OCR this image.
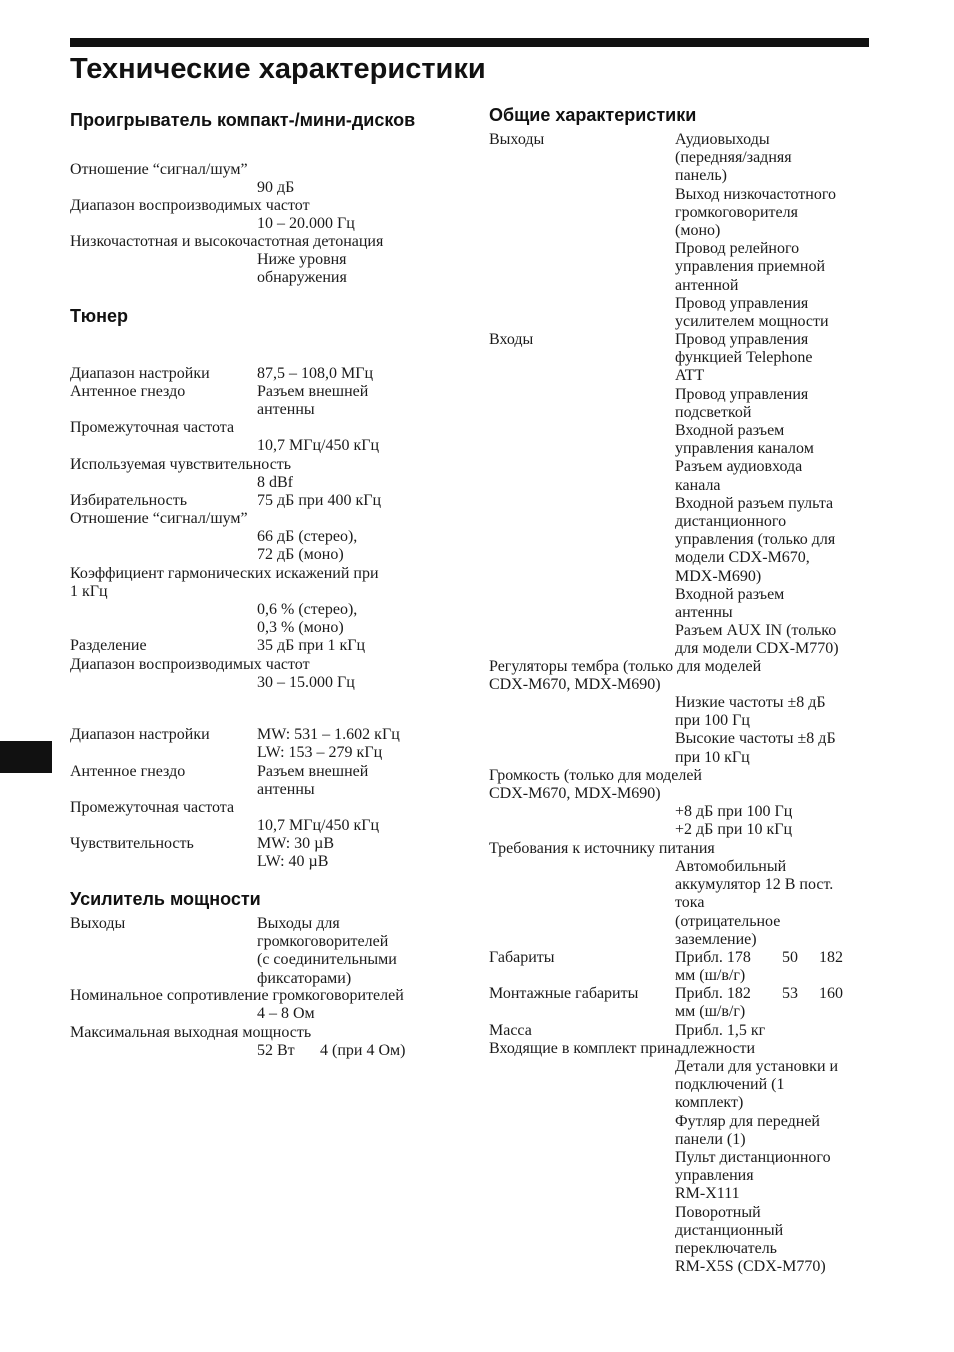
Технические характеристики
Проигрыватель компакт-/мини-дисков
Отношение “сигнал/шум”
90 дБ
Диапазон воспроизводимых частот
10 – 20.000 Гц
Низкочастотная и высокочастотная детонация
Ниже уровня
обнаружения
Тюнер
Диапазон настройки	87,5 – 108,0 МГц
Антенное гнездо	Разъем внешней
антенны
Промежуточная частота
10,7 МГц/450 кГц
Используемая чувствительность
8 dBf
Избирательность	75 дБ при 400 кГц
Отношение “сигнал/шум”
66 дБ (стерео),
72 дБ (моно)
Коэффициент гармонических искажений при
1 кГц
0,6 % (стерео),
0,3 % (моно)
Разделение	35 дБ при 1 кГц
Диапазон воспроизводимых частот
30 – 15.000 Гц
Диапазон настройки	MW: 531 – 1.602 кГц
LW: 153 – 279 кГц
Антенное гнездо	Разъем внешней
антенны
Промежуточная частота
10,7 МГц/450 кГц
Чувствительность	MW: 30 µВ
LW: 40 µВ
Усилитель мощности
Выходы	Выходы для
громкоговорителей
(с соединительными
фиксаторами)
Номинальное сопротивление громкоговорителей
4 – 8 Ом
Максимальная выходная мощность
52 Вт 4 (при 4 Ом)
Общие характеристики
Выходы	Аудиовыходы
(передняя/задняя
панель)
Выход низкочастотного
громкоговорителя
(моно)
Провод релейного
управления приемной
антенной
Провод управления
усилителем мощности
Входы	Провод управления
функцией Telephone
ATT
Провод управления
подсветкой
Входной разъем
управления каналом
Разъем аудиовхода
канала
Входной разъем пульта
дистанционного
управления (только для
модели CDX-M670,
MDX-M690)
Входной разъем
антенны
Разъем AUX IN (только
для модели CDX-M770)
Регуляторы тембра (только для моделей
CDX-M670, MDX-M690)
Низкие частоты ±8 дБ
при 100 Гц
Высокие частоты ±8 дБ
при 10 кГц
Громкость (только для моделей
CDX-M670, MDX-M690)
+8 дБ при 100 Гц
+2 дБ при 10 кГц
Требования к источнику питания
Автомобильный
аккумулятор 12 В пост.
тока
(отрицательное
заземление)
Габариты	Прибл. 178 50 182
мм (ш/в/г)
Монтажные габариты Прибл. 182 53 160
мм (ш/в/г)
Масса	Прибл. 1,5 кг
Входящие в комплект принадлежности
Детали для установки и
подключений (1
комплект)
Футляр для передней
панели (1)
Пульт дистанционного
управления
RM-X111
Поворотный
дистанционный
переключатель
RM-X5S (CDX-M770)
